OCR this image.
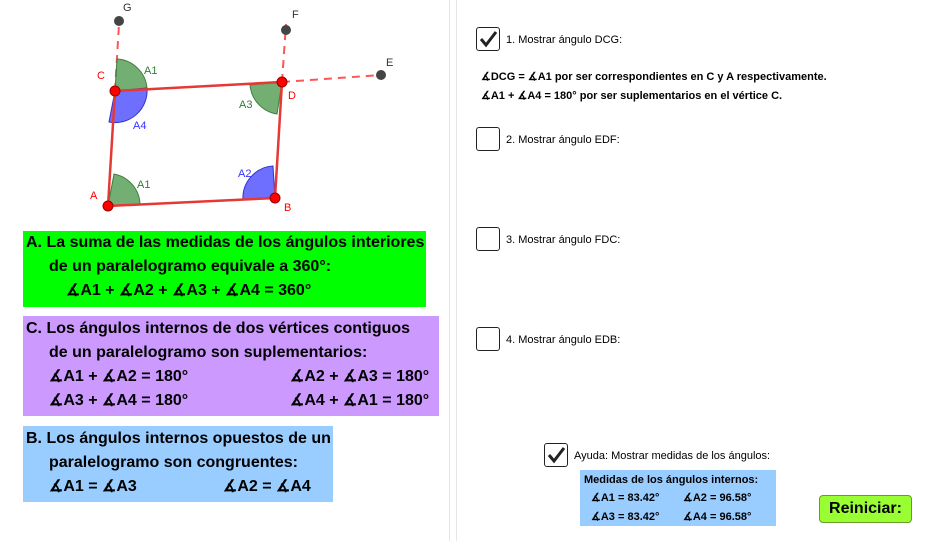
G
F
E
C
D
A
B
A1
A4
A3
A2
A1
A. La suma de las medidas de los ángulos interiores
de un paralelogramo equivale a 360°:
∡A1 + ∡A2 + ∡A3 + ∡A4 = 360°
C. Los ángulos internos de dos vértices contiguos
de un paralelogramo son suplementarios:
∡A1 + ∡A2 = 180°	∡A2 + ∡A3 = 180°
∡A3 + ∡A4 = 180°	∡A4 + ∡A1 = 180°
B. Los ángulos internos opuestos de un
paralelogramo son congruentes:
∡A1 = ∡A3	∡A2 = ∡A4
1. Mostrar ángulo DCG:
∡DCG = ∡A1 por ser correspondientes en C y A respectivamente.
∡A1 + ∡A4 = 180° por ser suplementarios en el vértice C.
2. Mostrar ángulo EDF:
3. Mostrar ángulo FDC:
4. Mostrar ángulo EDB:
Ayuda: Mostrar medidas de los ángulos:
Medidas de los ángulos internos:
∡A1 = 83.42° ∡A2 = 96.58°
∡A3 = 83.42° ∡A4 = 96.58°	Reiniciar:
